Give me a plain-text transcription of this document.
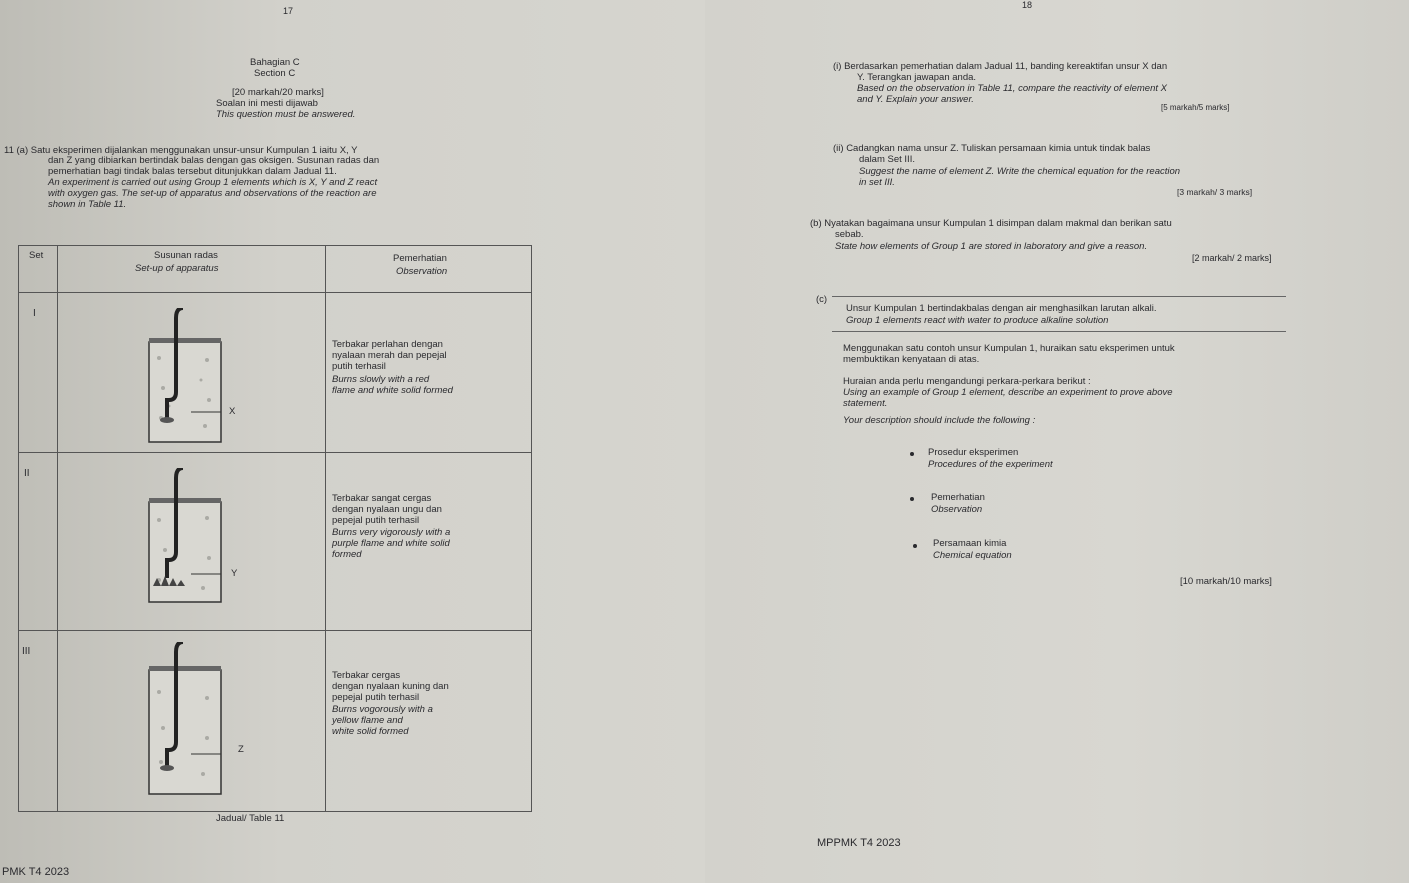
17
Bahagian C
Section C
[20 markah/20 marks]
Soalan ini mesti dijawab
This question must be answered.
11 (a) Satu eksperimen dijalankan menggunakan unsur-unsur Kumpulan 1 iaitu X, Y
dan Z yang dibiarkan bertindak balas dengan gas oksigen. Susunan radas dan
pemerhatian bagi tindak balas tersebut ditunjukkan dalam Jadual 11.
An experiment is carried out using Group 1 elements which is X, Y and Z react
with oxygen gas. The set-up of apparatus and observations of the reaction are
shown in Table 11.
Set	Susunan radas
Set-up of apparatus
Pemerhatian
Observation
I
X
Terbakar perlahan dengan
nyalaan merah dan pepejal
putih terhasil
Burns slowly with a red
flame and white solid formed
II
Y
Terbakar sangat cergas
dengan nyalaan ungu dan
pepejal putih terhasil
Burns very vigorously with a
purple flame and white solid
formed
III
Z
Terbakar cergas
dengan nyalaan kuning dan
pepejal putih terhasil
Burns vogorously with a
yellow flame and
white solid formed
Jadual/ Table 11
PMK T4 2023
18
(i) Berdasarkan pemerhatian dalam Jadual 11, banding kereaktifan unsur X dan
Y. Terangkan jawapan anda.
Based on the observation in Table 11, compare the reactivity of element X
and Y. Explain your answer.
[5 markah/5 marks]
(ii) Cadangkan nama unsur Z. Tuliskan persamaan kimia untuk tindak balas
dalam Set III.
Suggest the name of element Z. Write the chemical equation for the reaction
in set III.
[3 markah/ 3 marks]
(b) Nyatakan bagaimana unsur Kumpulan 1 disimpan dalam makmal dan berikan satu
sebab.
State how elements of Group 1 are stored in laboratory and give a reason.
[2 markah/ 2 marks]
(c)
Unsur Kumpulan 1 bertindakbalas dengan air menghasilkan larutan alkali.
Group 1 elements react with water to produce alkaline solution
Menggunakan satu contoh unsur Kumpulan 1, huraikan satu eksperimen untuk
membuktikan kenyataan di atas.
Huraian anda perlu mengandungi perkara-perkara berikut :
Using an example of Group 1 element, describe an experiment to prove above
statement.
Your description should include the following :
Prosedur eksperimen
Procedures of the experiment
Pemerhatian
Observation
Persamaan kimia
Chemical equation
[10 markah/10 marks]
MPPMK T4 2023
